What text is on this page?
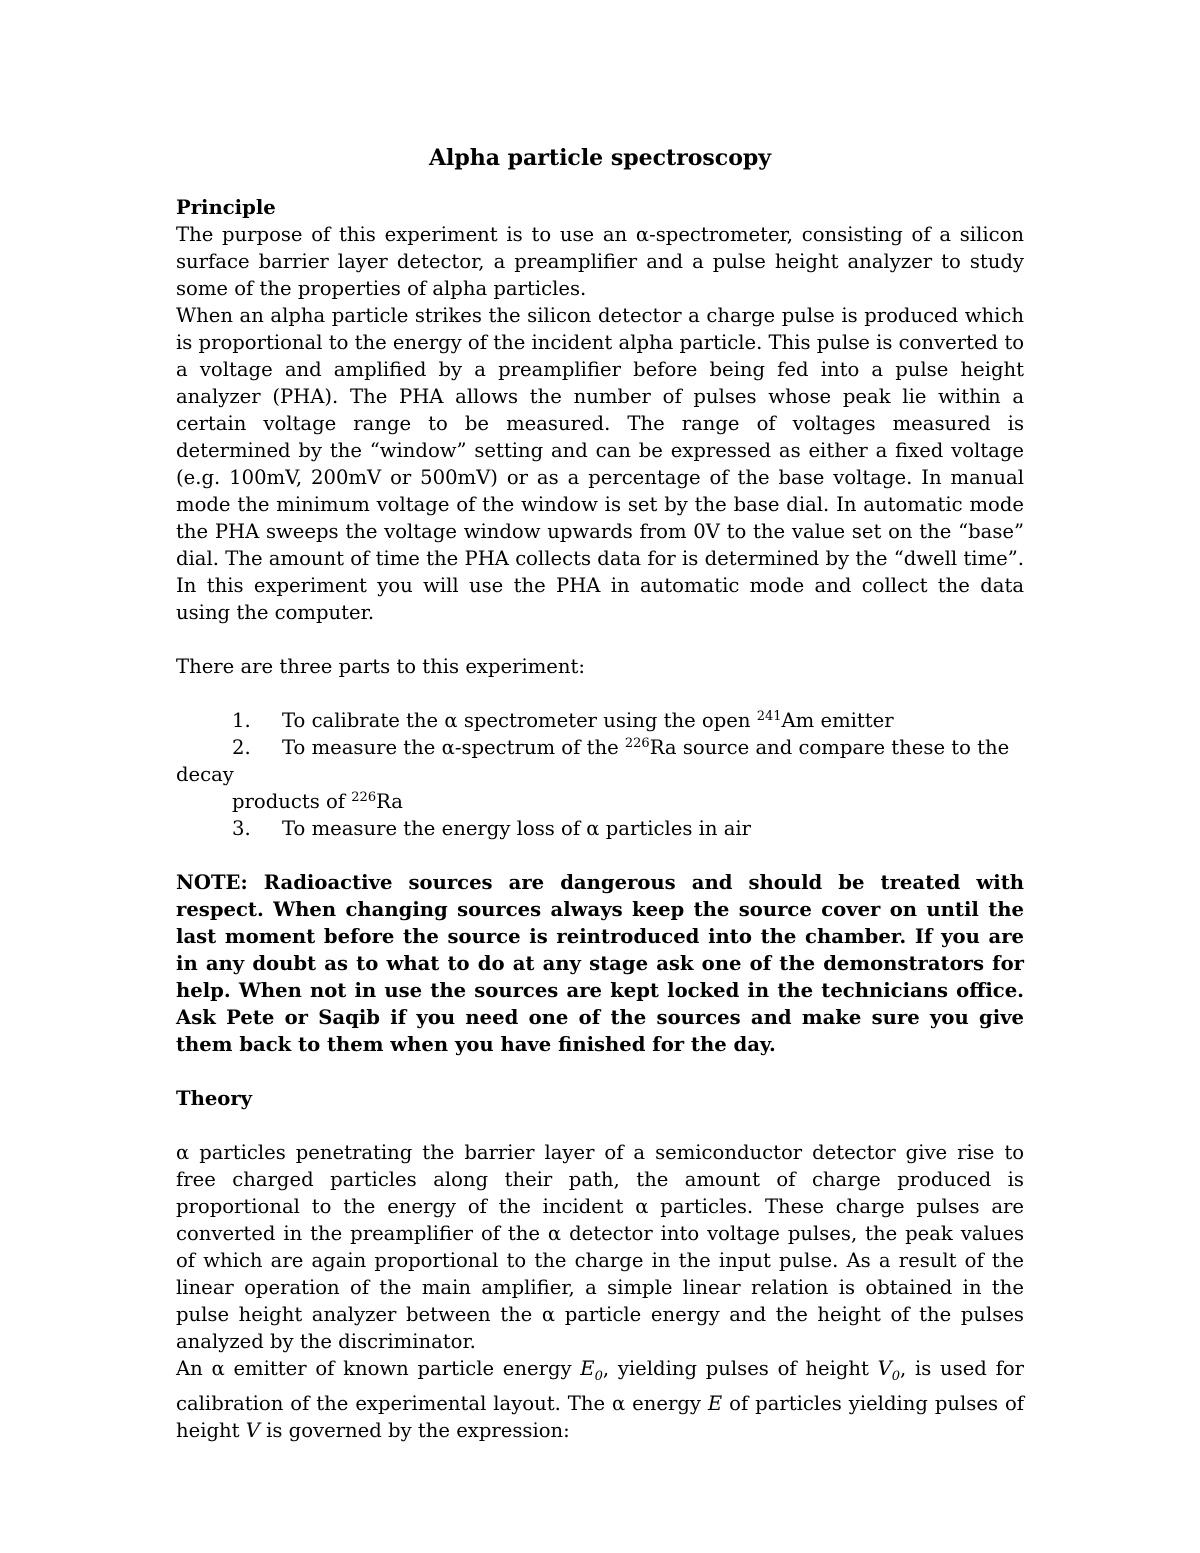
Alpha particle spectroscopy
Principle

The purpose of this experiment is to use an α-spectrometer, consisting of a silicon surface barrier layer detector, a preamplifier and a pulse height analyzer to study some of the properties of alpha particles.

When an alpha particle strikes the silicon detector a charge pulse is produced which is proportional to the energy of the incident alpha particle. This pulse is converted to a voltage and amplified by a preamplifier before being fed into a pulse height analyzer (PHA). The PHA allows the number of pulses whose peak lie within a certain voltage range to be measured. The range of voltages measured is determined by the “window” setting and can be expressed as either a fixed voltage (e.g. 100mV, 200mV or 500mV) or as a percentage of the base voltage. In manual mode the minimum voltage of the window is set by the base dial. In automatic mode the PHA sweeps the voltage window upwards from 0V to the value set on the “base” dial. The amount of time the PHA collects data for is determined by the “dwell time”. In this experiment you will use the PHA in automatic mode and collect the data using the computer.

There are three parts to this experiment:

1. To calibrate the α spectrometer using the open $^{241}$Am emitter
2. To measure the α-spectrum of the $^{226}$Ra source and compare these to the decay
products of $^{226}$Ra
3. To measure the energy loss of α particles in air

NOTE: Radioactive sources are dangerous and should be treated with respect. When changing sources always keep the source cover on until the last moment before the source is reintroduced into the chamber. If you are in any doubt as to what to do at any stage ask one of the demonstrators for help. When not in use the sources are kept locked in the technicians office. Ask Pete or Saqib if you need one of the sources and make sure you give them back to them when you have finished for the day.

Theory

α particles penetrating the barrier layer of a semiconductor detector give rise to free charged particles along their path, the amount of charge produced is proportional to the energy of the incident α particles. These charge pulses are converted in the preamplifier of the α detector into voltage pulses, the peak values of which are again proportional to the charge in the input pulse. As a result of the linear operation of the main amplifier, a simple linear relation is obtained in the pulse height analyzer between the α particle energy and the height of the pulses analyzed by the discriminator.

An α emitter of known particle energy $E_0$, yielding pulses of height $V_0$, is used for calibration of the experimental layout. The α energy E of particles yielding pulses of height V is governed by the expression:
